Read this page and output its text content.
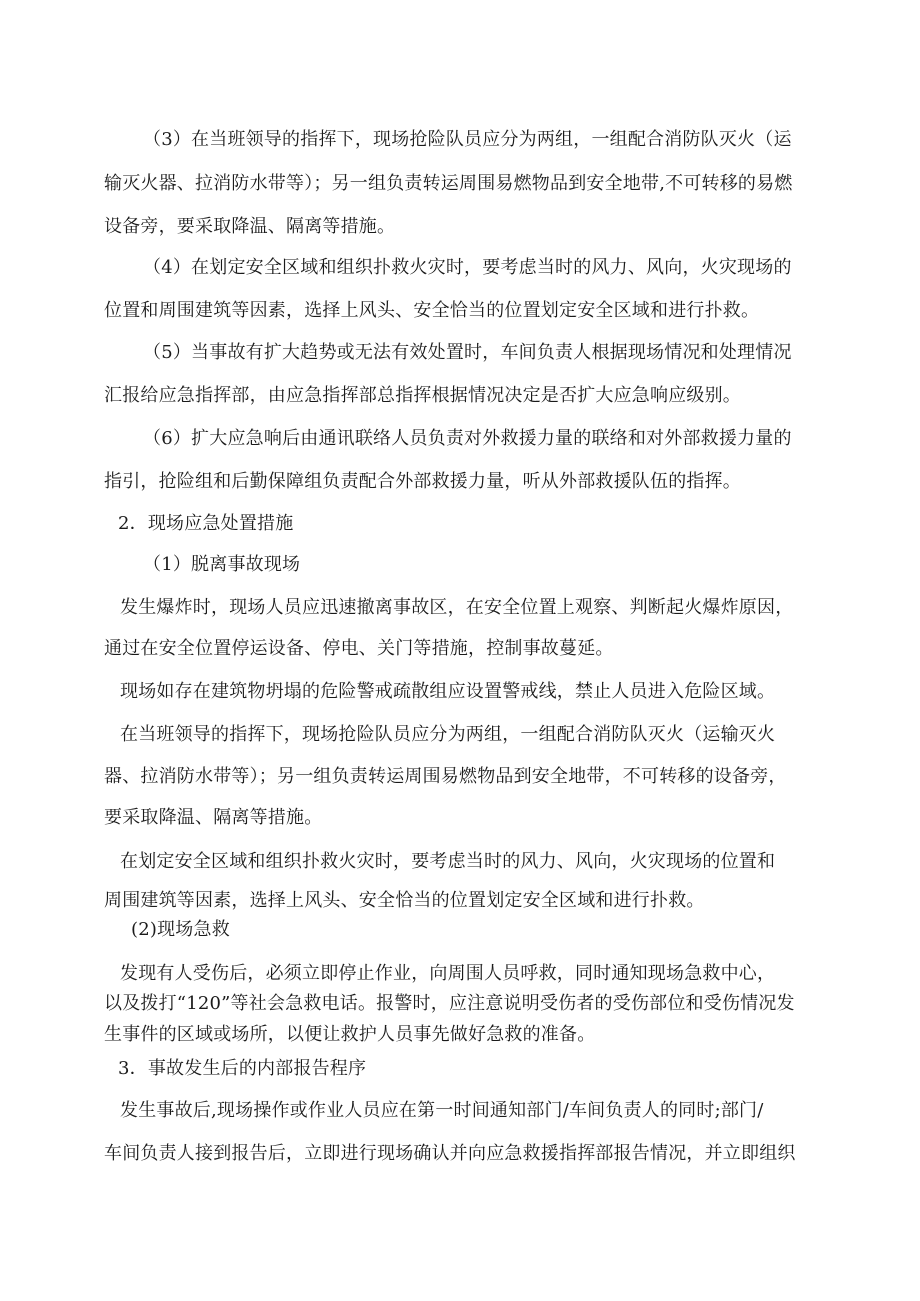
（3）在当班领导的指挥下，现场抢险队员应分为两组，一组配合消防队灭火（运
输灭火器、拉消防水带等）；另一组负责转运周围易燃物品到安全地带,不可转移的易燃
设备旁，要采取降温、隔离等措施。
（4）在划定安全区域和组织扑救火灾时，要考虑当时的风力、风向，火灾现场的
位置和周围建筑等因素，选择上风头、安全恰当的位置划定安全区域和进行扑救。
（5）当事故有扩大趋势或无法有效处置时，车间负责人根据现场情况和处理情况
汇报给应急指挥部，由应急指挥部总指挥根据情况决定是否扩大应急响应级别。
（6）扩大应急响后由通讯联络人员负责对外救援力量的联络和对外部救援力量的
指引，抢险组和后勤保障组负责配合外部救援力量，听从外部救援队伍的指挥。
2．现场应急处置措施
（1）脱离事故现场
发生爆炸时，现场人员应迅速撤离事故区，在安全位置上观察、判断起火爆炸原因，
通过在安全位置停运设备、停电、关门等措施，控制事故蔓延。
现场如存在建筑物坍塌的危险警戒疏散组应设置警戒线，禁止人员进入危险区域。
在当班领导的指挥下，现场抢险队员应分为两组，一组配合消防队灭火（运输灭火
器、拉消防水带等）；另一组负责转运周围易燃物品到安全地带，不可转移的设备旁，
要采取降温、隔离等措施。
在划定安全区域和组织扑救火灾时，要考虑当时的风力、风向，火灾现场的位置和
周围建筑等因素，选择上风头、安全恰当的位置划定安全区域和进行扑救。
(2)现场急救
发现有人受伤后，必须立即停止作业，向周围人员呼救，同时通知现场急救中心，
以及拨打“120”等社会急救电话。报警时，应注意说明受伤者的受伤部位和受伤情况发
生事件的区域或场所，以便让救护人员事先做好急救的准备。
3．事故发生后的内部报告程序
发生事故后,现场操作或作业人员应在第一时间通知部门/车间负责人的同时;部门/
车间负责人接到报告后，立即进行现场确认并向应急救援指挥部报告情况，并立即组织
